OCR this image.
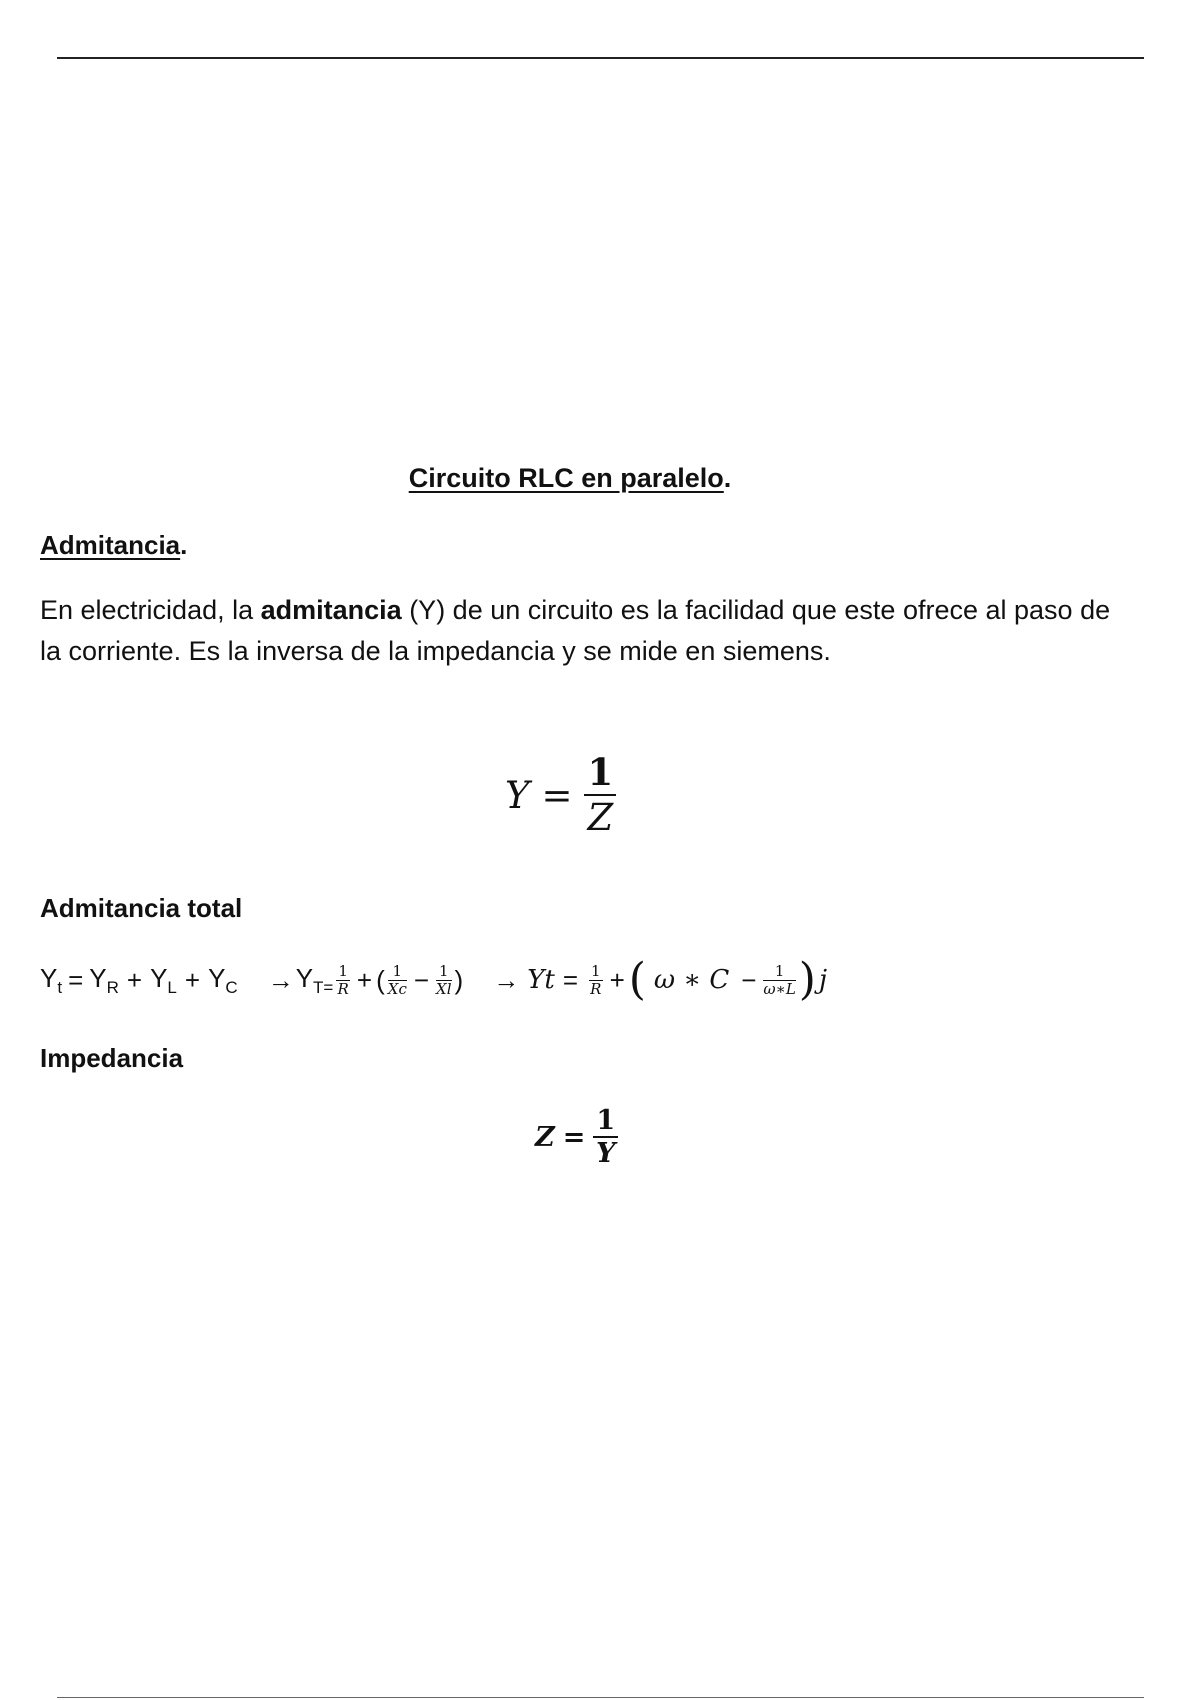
Circuito RLC en paralelo.
Admitancia.
En electricidad, la admitancia (Y) de un circuito es la facilidad que este ofrece al paso de la corriente. Es la inversa de la impedancia y se mide en siemens.
$Y = \frac{1}{Z}$
Admitancia total
$Y_t = Y_R + Y_L + Y_C \to Y_{T=} \frac{1}{R}$ + ( $\frac{1}{Xc} - \frac{1}{Xl}$ ) → $Yt = \frac{1}{R}$ + ( ω ∗ $C - \frac{1}{\omega∗L}$ ) j
Impedancia
$Z = \frac{1}{Y}$
